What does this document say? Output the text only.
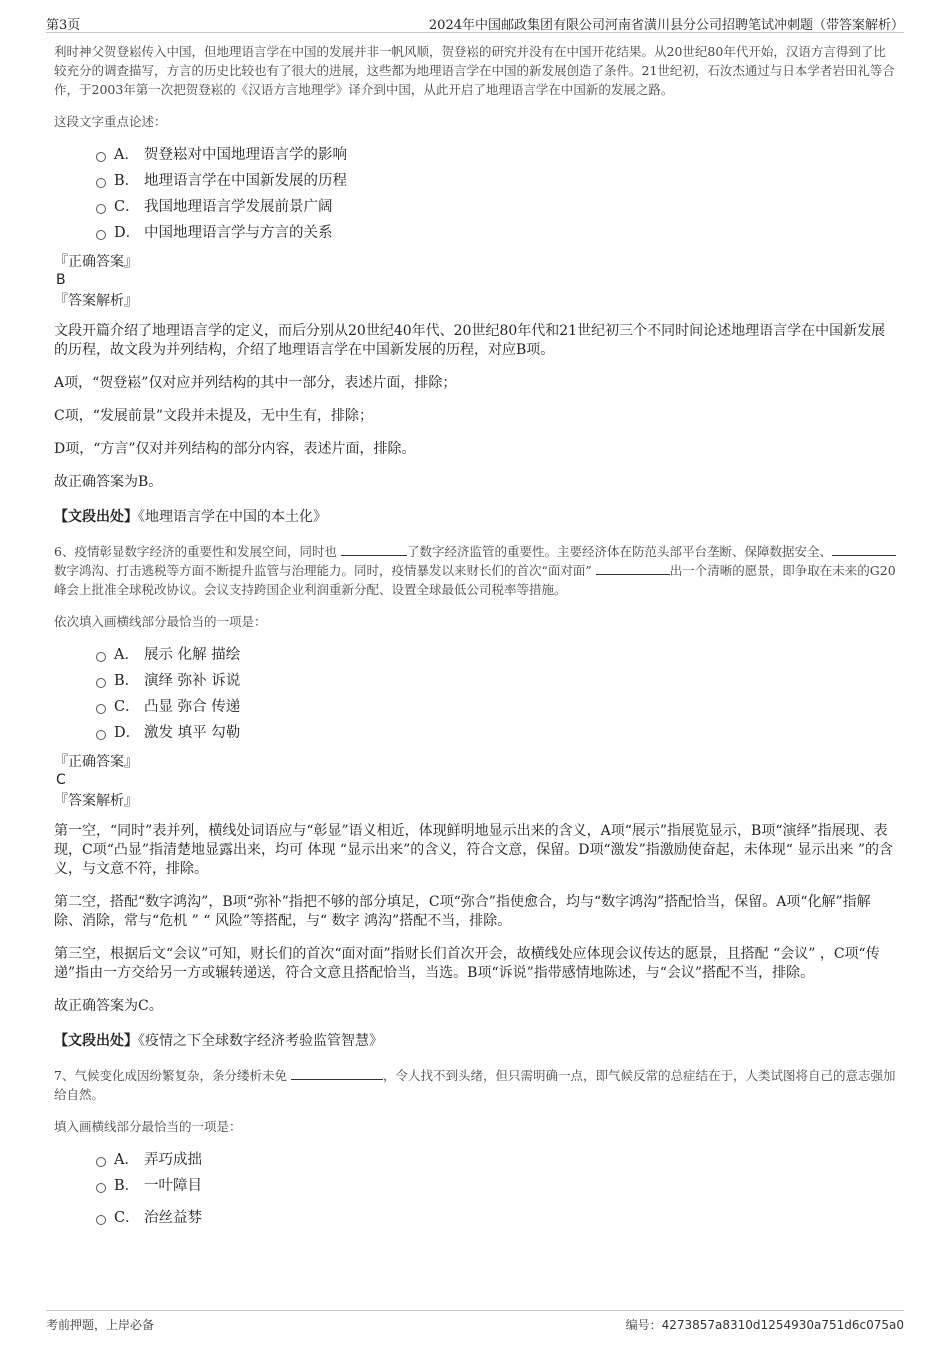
第3页	2024年中国邮政集团有限公司河南省潢川县分公司招聘笔试冲刺题（带答案解析）

利时神父贺登崧传入中国，但地理语言学在中国的发展并非一帆风顺，贺登崧的研究并没有在中国开花结果。从20世纪80年代开始，汉语方言得到了比较充分的调查描写，方言的历史比较也有了很大的进展，这些都为地理语言学在中国的新发展创造了条件。21世纪初，石汝杰通过与日本学者岩田礼等合作，于2003年第一次把贺登崧的《汉语方言地理学》译介到中国，从此开启了地理语言学在中国新的发展之路。

这段文字重点论述：

A． 贺登崧对中国地理语言学的影响
B． 地理语言学在中国新发展的历程
C． 我国地理语言学发展前景广阔
D． 中国地理语言学与方言的关系

『正确答案』

B

『答案解析』

文段开篇介绍了地理语言学的定义，而后分别从20世纪40年代、20世纪80年代和21世纪初三个不同时间论述地理语言学在中国新发展的历程，故文段为并列结构，介绍了地理语言学在中国新发展的历程，对应B项。

A项，“贺登崧”仅对应并列结构的其中一部分，表述片面，排除；

C项，“发展前景”文段并未提及，无中生有，排除；

D项，“方言”仅对并列结构的部分内容，表述片面，排除。

故正确答案为B。

【文段出处】《地理语言学在中国的本土化》

6、疫情彰显数字经济的重要性和发展空间，同时也	了数字经济监管的重要性。主要经济体在防范头部平台垄断、保障数据安全、数字鸿沟、打击逃税等方面不断提升监管与治理能力。同时，疫情暴发以来财长们的首次“面对面”	出一个清晰的愿景，即争取在未来的G20峰会上批准全球税改协议。会议支持跨国企业利润重新分配、设置全球最低公司税率等措施。

依次填入画横线部分最恰当的一项是：

A． 展示 化解 描绘
B． 演绎 弥补 诉说
C． 凸显 弥合 传递
D． 激发 填平 勾勒

『正确答案』

C

『答案解析』

第一空，“同时”表并列，横线处词语应与“彰显”语义相近，体现鲜明地显示出来的含义，A项“展示”指展览显示，B项“演绎”指展现、表现，C项“凸显”指清楚地显露出来，均可 体现 “显示出来”的含义，符合文意，保留。D项“激发”指激励使奋起，未体现“ 显示出来 ”的含义，与文意不符，排除。

第二空，搭配“数字鸿沟”，B项“弥补”指把不够的部分填足，C项“弥合”指使愈合，均与“数字鸿沟”搭配恰当，保留。A项“化解”指解除、消除，常与“危机 ” “ 风险”等搭配，与“ 数字 鸿沟”搭配不当，排除。

第三空，根据后文“会议”可知，财长们的首次“面对面”指财长们首次开会，故横线处应体现会议传达的愿景，且搭配 “会议” ，C项“传递”指由一方交给另一方或辗转递送，符合文意且搭配恰当，当选。B项“诉说”指带感情地陈述，与“会议”搭配不当，排除。

故正确答案为C。

【文段出处】《疫情之下全球数字经济考验监管智慧》

7、气候变化成因纷繁复杂，条分缕析未免	，令人找不到头绪，但只需明确一点，即气候反常的总症结在于，人类试图将自己的意志强加给自然。

填入画横线部分最恰当的一项是：

A． 弄巧成拙
B． 一叶障目
C． 治丝益棼
考前押题，上岸必备	编号：4273857a8310d1254930a751d6c075a0
